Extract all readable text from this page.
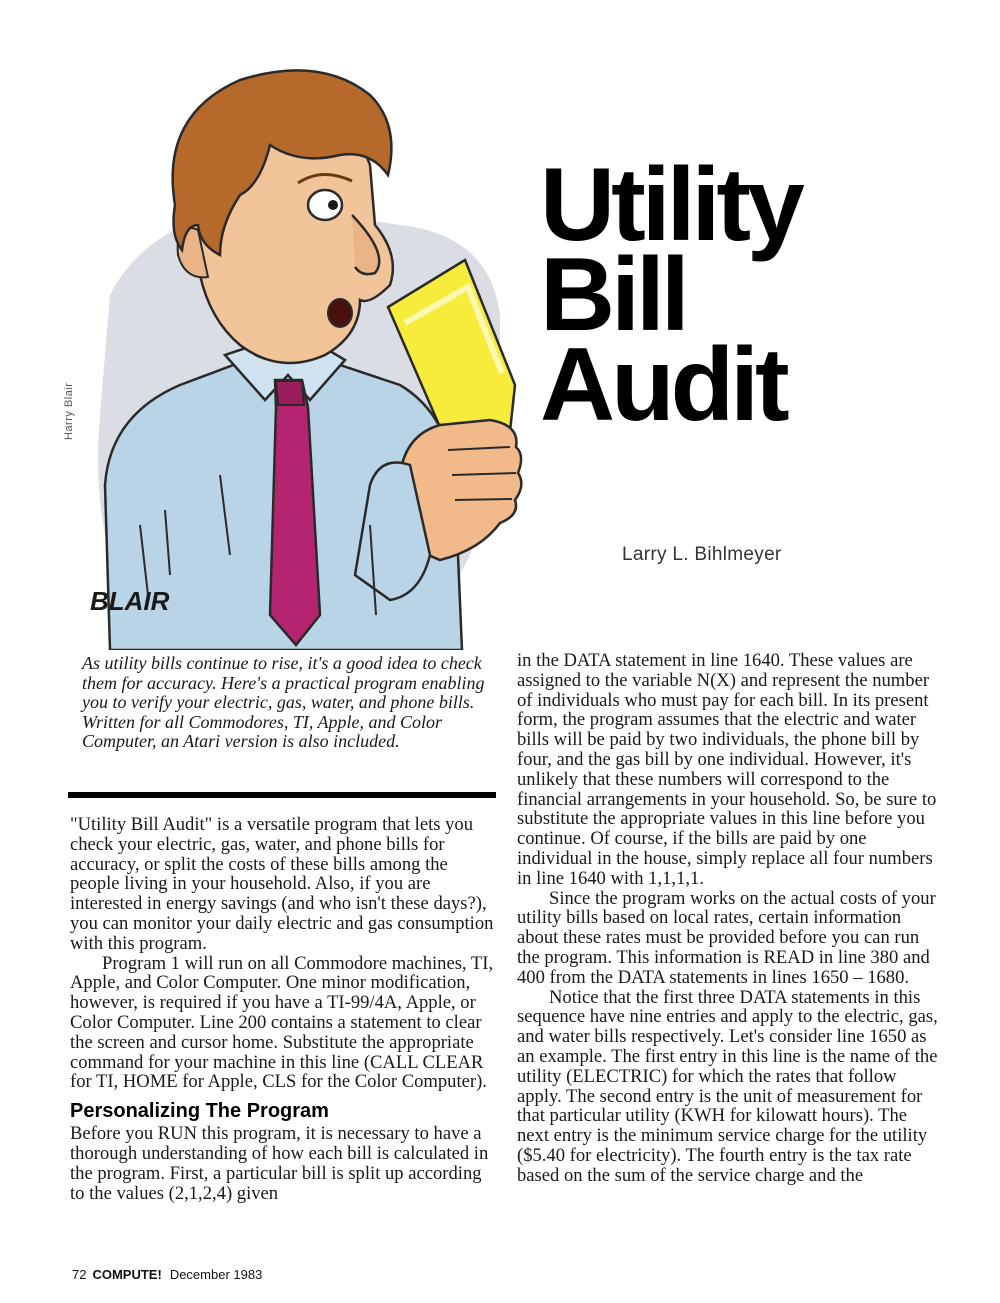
BLAIR
Harry Blair
Utility
Bill
Audit
Larry L. Bihlmeyer
As utility bills continue to rise, it's a good idea to check them for accuracy. Here's a practical program enabling you to verify your electric, gas, water, and phone bills. Written for all Commodores, TI, Apple, and Color Computer, an Atari version is also included.

"Utility Bill Audit" is a versatile program that lets you check your electric, gas, water, and phone bills for accuracy, or split the costs of these bills among the people living in your household. Also, if you are interested in energy savings (and who isn't these days?), you can monitor your daily electric and gas consumption with this program.

Program 1 will run on all Commodore machines, TI, Apple, and Color Computer. One minor modification, however, is required if you have a TI-99/4A, Apple, or Color Computer. Line 200 contains a statement to clear the screen and cursor home. Substitute the appropriate command for your machine in this line (CALL CLEAR for TI, HOME for Apple, CLS for the Color Computer).

Personalizing The Program

Before you RUN this program, it is necessary to have a thorough understanding of how each bill is calculated in the program. First, a particular bill is split up according to the values (2,1,2,4) given

in the DATA statement in line 1640. These values are assigned to the variable N(X) and represent the number of individuals who must pay for each bill. In its present form, the program assumes that the electric and water bills will be paid by two individuals, the phone bill by four, and the gas bill by one individual. However, it's unlikely that these numbers will correspond to the financial arrangements in your household. So, be sure to substitute the appropriate values in this line before you continue. Of course, if the bills are paid by one individual in the house, simply replace all four numbers in line 1640 with 1,1,1,1.

Since the program works on the actual costs of your utility bills based on local rates, certain information about these rates must be provided before you can run the program. This information is READ in line 380 and 400 from the DATA statements in lines 1650 – 1680.

Notice that the first three DATA statements in this sequence have nine entries and apply to the electric, gas, and water bills respectively. Let's consider line 1650 as an example. The first entry in this line is the name of the utility (ELECTRIC) for which the rates that follow apply. The second entry is the unit of measurement for that particular utility (KWH for kilowatt hours). The next entry is the minimum service charge for the utility ($5.40 for electricity). The fourth entry is the tax rate based on the sum of the service charge and the

72 COMPUTE! December 1983
